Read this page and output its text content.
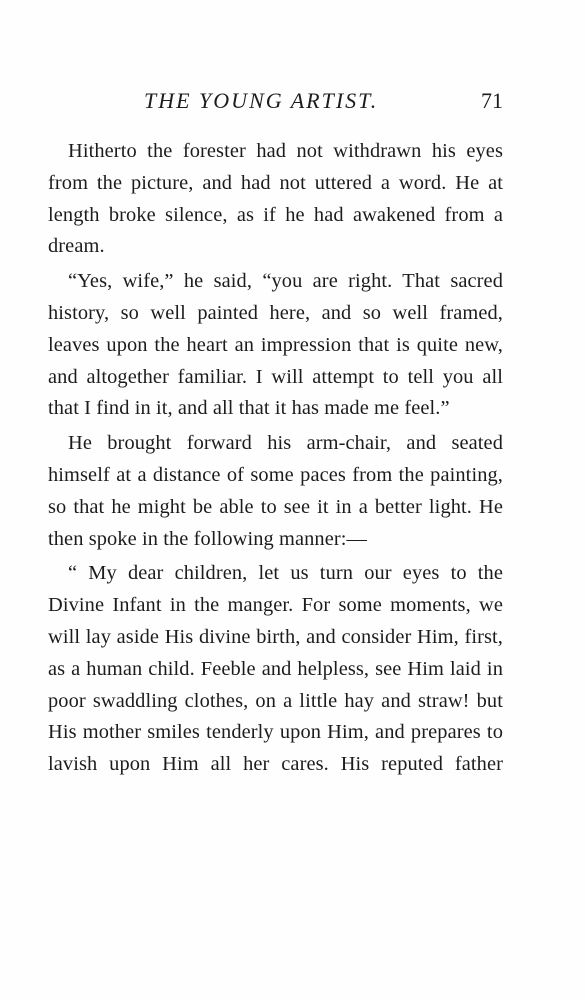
THE YOUNG ARTIST.	71

Hitherto the forester had not withdrawn his eyes from the picture, and had not uttered a word. He at length broke silence, as if he had awakened from a dream.

“Yes, wife,” he said, “you are right. That sacred history, so well painted here, and so well framed, leaves upon the heart an impression that is quite new, and altogether familiar. I will attempt to tell you all that I find in it, and all that it has made me feel.”

He brought forward his arm-chair, and seated himself at a distance of some paces from the painting, so that he might be able to see it in a better light. He then spoke in the following manner:—

“ My dear children, let us turn our eyes to the Divine Infant in the manger. For some moments, we will lay aside His divine birth, and consider Him, first, as a human child. Feeble and helpless, see Him laid in poor swaddling clothes, on a little hay and straw! but His mother smiles tenderly upon Him, and prepares to lavish upon Him all her cares. His reputed father
